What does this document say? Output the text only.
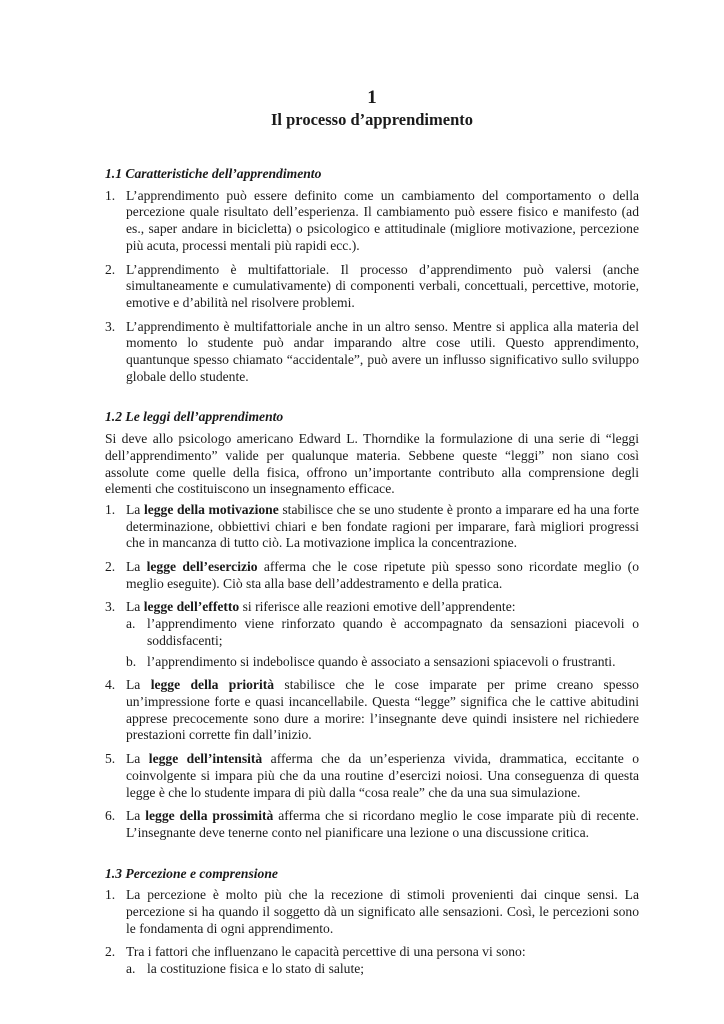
1
Il processo d’apprendimento
1.1 Caratteristiche dell’apprendimento
1. L’apprendimento può essere definito come un cambiamento del comportamento o della percezione quale risultato dell’esperienza. Il cambiamento può essere fisico e manifesto (ad es., saper andare in bicicletta) o psicologico e attitudinale (migliore motivazione, percezione più acuta, processi mentali più rapidi ecc.).
2. L’apprendimento è multifattoriale. Il processo d’apprendimento può valersi (anche simultaneamente e cumulativamente) di componenti verbali, concettuali, percettive, motorie, emotive e d’abilità nel risolvere problemi.
3. L’apprendimento è multifattoriale anche in un altro senso. Mentre si applica alla materia del momento lo studente può andar imparando altre cose utili. Questo apprendimento, quantunque spesso chiamato “accidentale”, può avere un influsso significativo sullo sviluppo globale dello studente.
1.2 Le leggi dell’apprendimento

Si deve allo psicologo americano Edward L. Thorndike la formulazione di una serie di “leggi dell’apprendimento” valide per qualunque materia. Sebbene queste “leggi” non siano così assolute come quelle della fisica, offrono un’importante contributo alla comprensione degli elementi che costituiscono un insegnamento efficace.

1. La legge della motivazione stabilisce che se uno studente è pronto a imparare ed ha una forte determinazione, obbiettivi chiari e ben fondate ragioni per imparare, farà migliori progressi che in mancanza di tutto ciò. La motivazione implica la concentrazione.
2. La legge dell’esercizio afferma che le cose ripetute più spesso sono ricordate meglio (o meglio eseguite). Ciò sta alla base dell’addestramento e della pratica.
3. La legge dell’effetto si riferisce alle reazioni emotive dell’apprendente:
a. l’apprendimento viene rinforzato quando è accompagnato da sensazioni piacevoli o soddisfacenti;
b. l’apprendimento si indebolisce quando è associato a sensazioni spiacevoli o frustranti.
4. La legge della priorità stabilisce che le cose imparate per prime creano spesso un’impressione forte e quasi incancellabile. Questa “legge” significa che le cattive abitudini apprese precocemente sono dure a morire: l’insegnante deve quindi insistere nel richiedere prestazioni corrette fin dall’inizio.
5. La legge dell’intensità afferma che da un’esperienza vivida, drammatica, eccitante o coinvolgente si impara più che da una routine d’esercizi noiosi. Una conseguenza di questa legge è che lo studente impara di più dalla “cosa reale” che da una sua simulazione.
6. La legge della prossimità afferma che si ricordano meglio le cose imparate più di recente. L’insegnante deve tenerne conto nel pianificare una lezione o una discussione critica.
1.3 Percezione e comprensione
1. La percezione è molto più che la recezione di stimoli provenienti dai cinque sensi. La percezione si ha quando il soggetto dà un significato alle sensazioni. Così, le percezioni sono le fondamenta di ogni apprendimento.
2. Tra i fattori che influenzano le capacità percettive di una persona vi sono:
a. la costituzione fisica e lo stato di salute;
